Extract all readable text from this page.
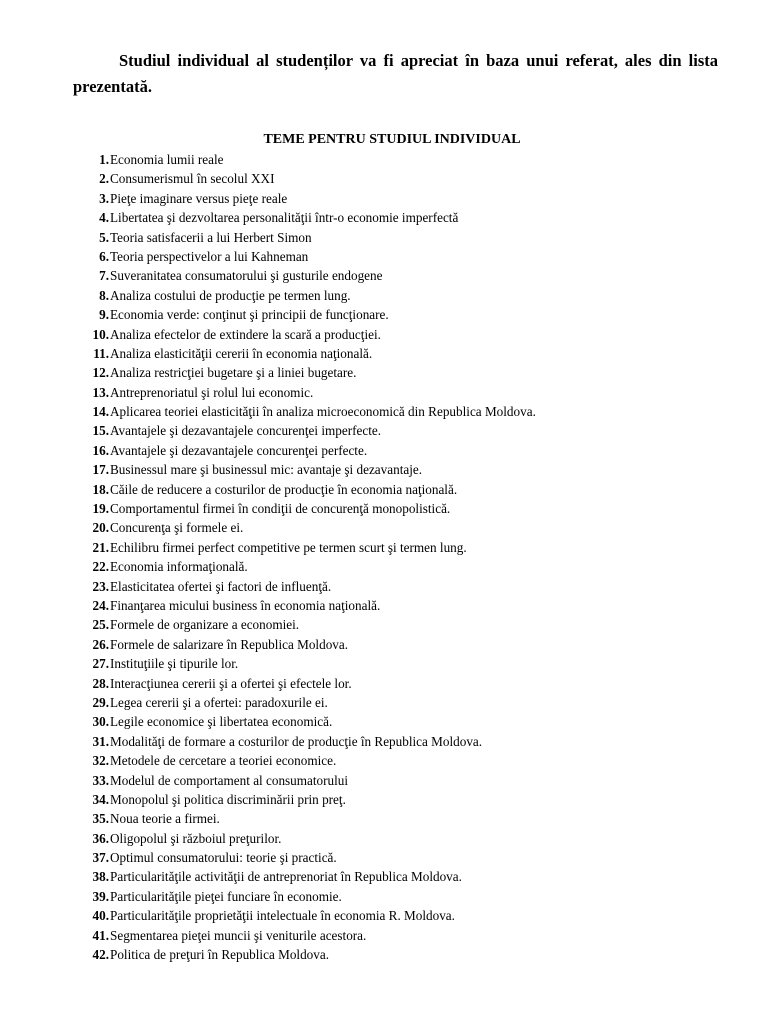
Studiul individual al studenților va fi apreciat în baza unui referat, ales din lista prezentată.

TEME PENTRU STUDIUL INDIVIDUAL
1. Economia lumii reale
2. Consumerismul în secolul XXI
3. Pieţe imaginare versus pieţe reale
4. Libertatea şi dezvoltarea personalităţii într-o economie imperfectă
5. Teoria satisfacerii a lui Herbert Simon
6. Teoria perspectivelor a lui Kahneman
7. Suveranitatea consumatorului şi gusturile endogene
8. Analiza costului de producţie pe termen lung.
9. Economia verde: conţinut şi principii de funcţionare.
10. Analiza efectelor de extindere la scară a producţiei.
11. Analiza elasticităţii cererii în economia naţională.
12. Analiza restricţiei bugetare şi a liniei bugetare.
13. Antreprenoriatul şi rolul lui economic.
14. Aplicarea teoriei elasticităţii în analiza microeconomică din Republica Moldova.
15. Avantajele şi dezavantajele concurenţei imperfecte.
16. Avantajele şi dezavantajele concurenţei perfecte.
17. Businessul mare şi businessul mic: avantaje şi dezavantaje.
18. Căile de reducere a costurilor de producţie în economia naţională.
19. Comportamentul firmei în condiţii de concurenţă monopolistică.
20. Concurenţa şi formele ei.
21. Echilibru firmei perfect competitive pe termen scurt şi termen lung.
22. Economia informaţională.
23. Elasticitatea ofertei şi factori de influenţă.
24. Finanţarea micului business în economia naţională.
25. Formele de organizare a economiei.
26. Formele de salarizare în Republica Moldova.
27. Instituţiile şi tipurile lor.
28. Interacţiunea cererii şi a ofertei şi efectele lor.
29. Legea cererii şi a ofertei: paradoxurile ei.
30. Legile economice şi libertatea economică.
31. Modalităţi de formare a costurilor de producţie în Republica Moldova.
32. Metodele de cercetare a teoriei economice.
33. Modelul de comportament al consumatorului
34. Monopolul şi politica discriminării prin preţ.
35. Noua teorie a firmei.
36. Oligopolul şi războiul preţurilor.
37. Optimul consumatorului: teorie şi practică.
38. Particularităţile activităţii de antreprenoriat în Republica Moldova.
39. Particularităţile pieţei funciare în economie.
40. Particularităţile proprietăţii intelectuale în economia R. Moldova.
41. Segmentarea pieţei muncii şi veniturile acestora.
42. Politica de preţuri în Republica Moldova.
